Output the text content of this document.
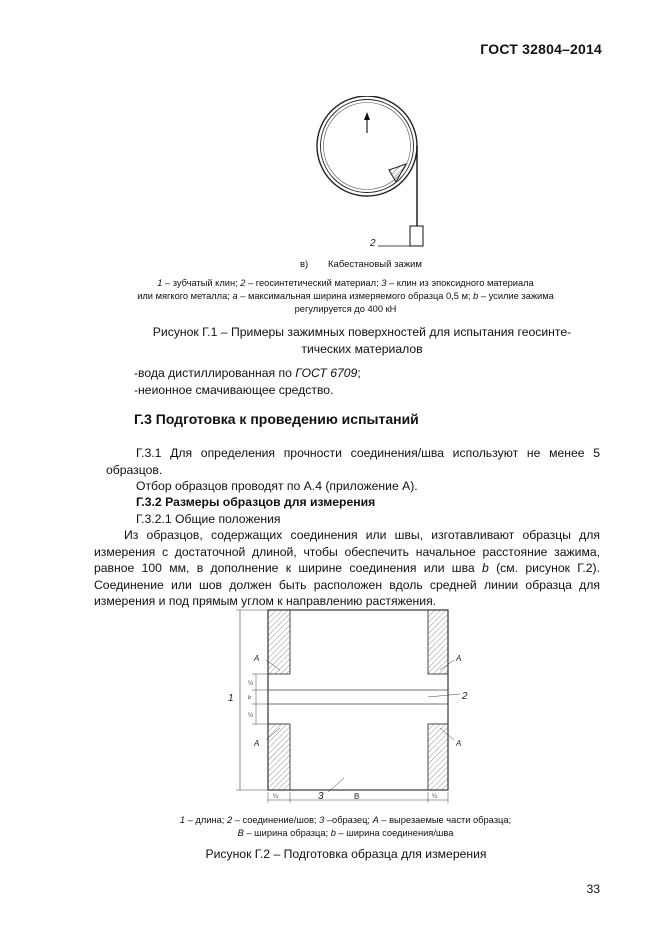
ГОСТ 32804–2014
2
в) Кабестановый зажим
1 – зубчатый клин; 2 – геосинтетический материал; 3 – клин из эпоксидного материала
или мягкого металла; а – максимальная ширина измеряемого образца 0,5 м; b – усилие зажима
регулируется до 400 кН
Рисунок Г.1 – Примеры зажимных поверхностей для испытания геосинте-
тических материалов
-вода дистиллированная по ГОСТ 6709;
-неионное смачивающее средство.
Г.3 Подготовка к проведению испытаний
Г.3.1 Для определения прочности соединения/шва используют не менее 5 образцов.
Отбор образцов проводят по А.4 (приложение А).
Г.3.2 Размеры образцов для измерения
Г.3.2.1 Общие положения
Из образцов, содержащих соединения или швы, изготавливают образцы для измерения с достаточной длиной, чтобы обеспечить начальное расстояние зажима, равное 100 мм, в дополнение к ширине соединения или шва b (см. рисунок Г.2). Соединение или шов должен быть расположен вдоль средней линии образца для измерения и под прямым углом к направлению растяжения.
A	A
A	A
1	2
3	B
¼	¼
¼
b
¼
1 – длина; 2 – соединение/шов; 3 –образец; A – вырезаемые части образца;
B – ширина образца; b – ширина соединения/шва
Рисунок Г.2 – Подготовка образца для измерения
33
